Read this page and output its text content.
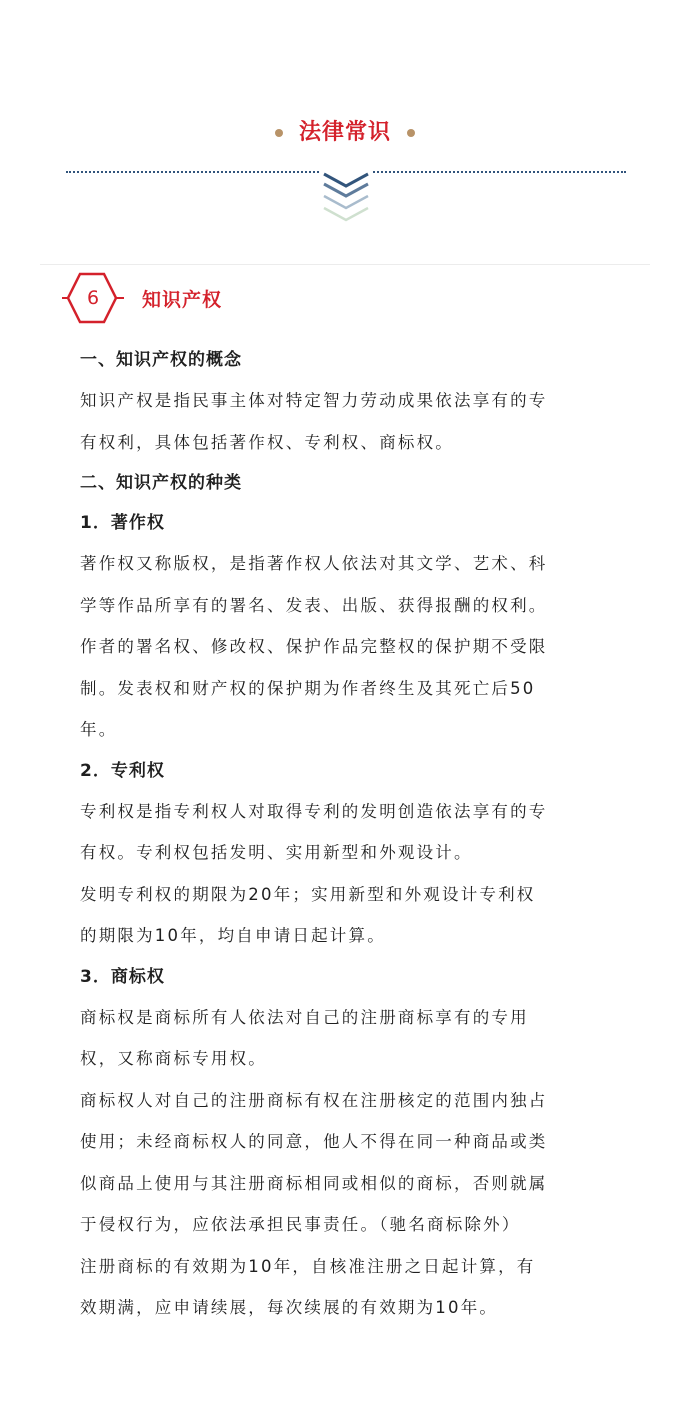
法律常识
6	知识产权

一、知识产权的概念

知识产权是指民事主体对特定智力劳动成果依法享有的专

有权利，具体包括著作权、专利权、商标权。

二、知识产权的种类

1．著作权

著作权又称版权，是指著作权人依法对其文学、艺术、科

学等作品所享有的署名、发表、出版、获得报酬的权利。

作者的署名权、修改权、保护作品完整权的保护期不受限

制。发表权和财产权的保护期为作者终生及其死亡后50

年。

2．专利权

专利权是指专利权人对取得专利的发明创造依法享有的专

有权。专利权包括发明、实用新型和外观设计。

发明专利权的期限为20年；实用新型和外观设计专利权

的期限为10年，均自申请日起计算。

3．商标权

商标权是商标所有人依法对自己的注册商标享有的专用

权，又称商标专用权。

商标权人对自己的注册商标有权在注册核定的范围内独占

使用；未经商标权人的同意，他人不得在同一种商品或类

似商品上使用与其注册商标相同或相似的商标，否则就属

于侵权行为，应依法承担民事责任。（驰名商标除外）

注册商标的有效期为10年，自核准注册之日起计算，有

效期满，应申请续展，每次续展的有效期为10年。
